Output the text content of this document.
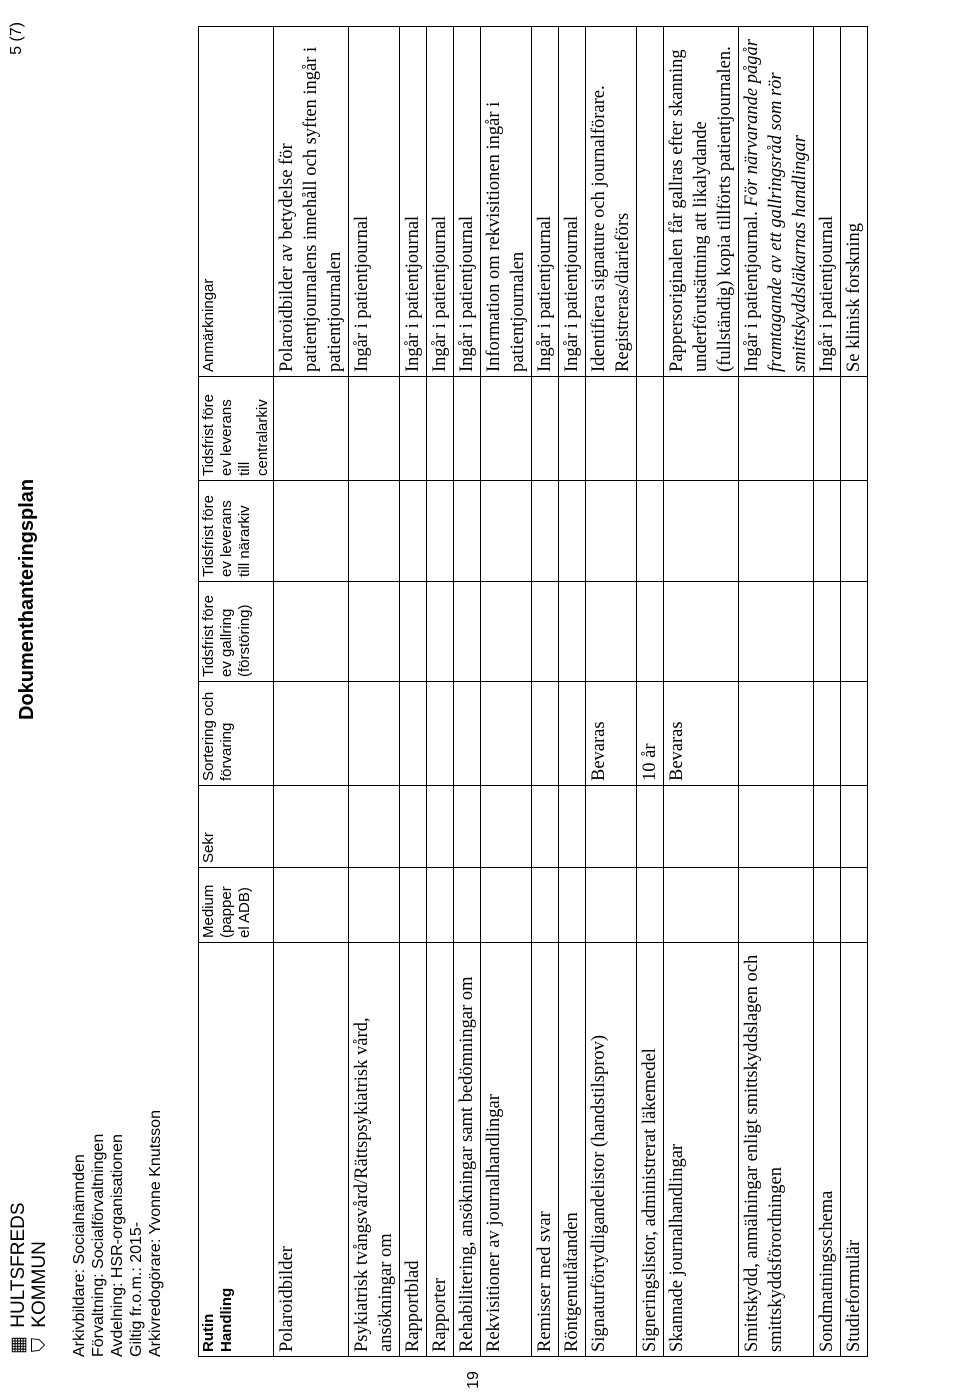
▦ HULTSFREDS
⛉ KOMMUN
Dokumenthanteringsplan
5 (7)
Arkivbildare: Socialnämnden Förvaltning: Socialförvaltningen Avdelning: HSR-organisationen Giltig fr.o.m.: 2015- Arkivredogörare: Yvonne Knutsson
19
Rutin Handling	Medium (papper el ADB)	Sekr	Sortering och förvaring	Tidsfrist före ev gallring (förstöring)	Tidsfrist före ev leverans till närarkiv	Tidsfrist före ev leverans till centralarkiv	Anmärkningar
Polaroidbilder							Polaroidbilder av betydelse för patientjournalens innehåll och syften ingår i patientjournalen
Psykiatrisk tvångsvård/Rättspsykiatrisk vård, ansökningar om							Ingår i patientjournal
Rapportblad							Ingår i patientjournal
Rapporter							Ingår i patientjournal
Rehabilitering, ansökningar samt bedömningar om							Ingår i patientjournal
Rekvisitioner av journalhandlingar							Information om rekvisitionen ingår i patientjournalen
Remisser med svar							Ingår i patientjournal
Röntgenutlåtanden							Ingår i patientjournal
Signaturförtydligandelistor (handstilsprov)			Bevaras				Identifiera signature och journalförare. Registreras/diarieförs
Signeringslistor, administrerat läkemedel			10 år				
Skannade journalhandlingar			Bevaras				Pappersoriginalen får gallras efter skanning underförutsättning att likalydande (fullständig) kopia tillförts patientjournalen.
Smittskydd, anmälningar enligt smittskyddslagen och smittskyddsförordningen							Ingår i patientjournal. För närvarande pågår framtagande av ett gallringsråd som rör smittskyddsläkarnas handlingar
Sondmatningsschema							Ingår i patientjournal
Studieformulär							Se klinisk forskning
